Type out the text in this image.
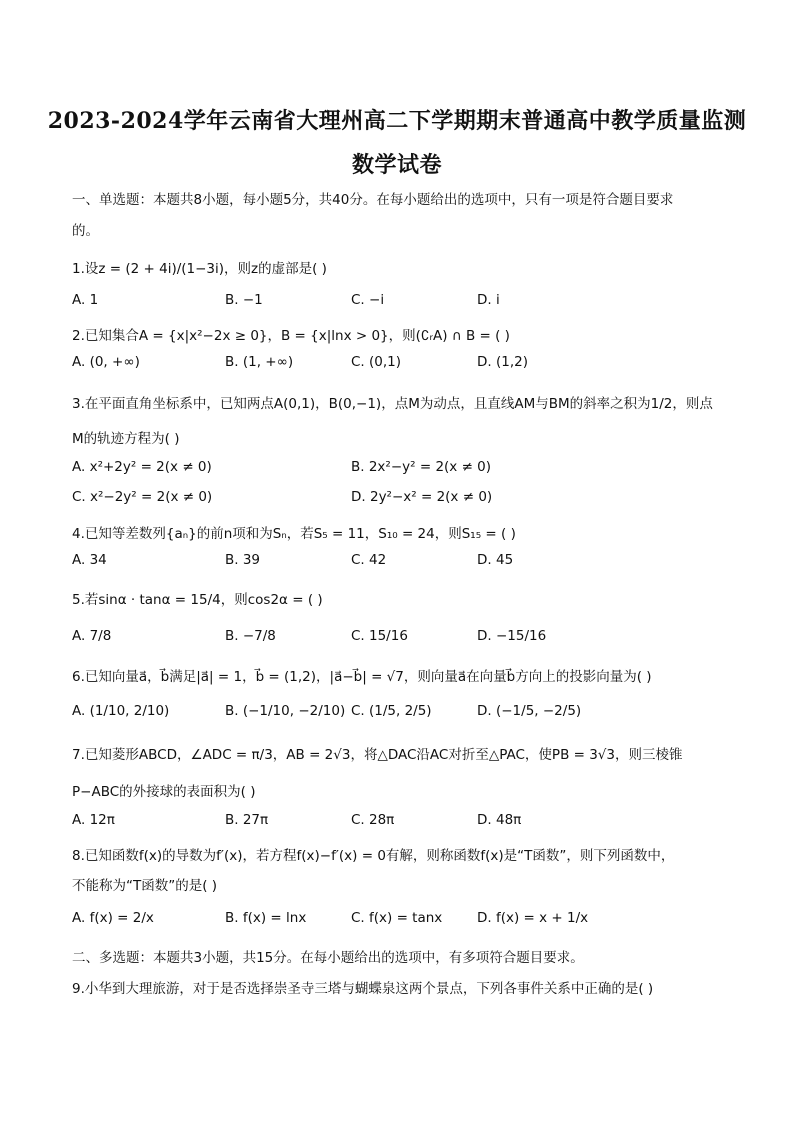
2023-2024学年云南省大理州高二下学期期末普通高中教学质量监测
数学试卷
一、单选题：本题共8小题，每小题5分，共40分。在每小题给出的选项中，只有一项是符合题目要求
的。
1.设z = (2 + 4i)/(1−3i)，则z的虚部是( )
A. 1	B. −1	C. −i	D. i
2.已知集合A = {x|x²−2x ≥ 0}，B = {x|lnx > 0}，则(∁ᵣA) ∩ B = ( )
A. (0, +∞)	B. (1, +∞)	C. (0,1)	D. (1,2)
3.在平面直角坐标系中，已知两点A(0,1)，B(0,−1)，点M为动点，且直线AM与BM的斜率之积为1/2，则点
M的轨迹方程为( )
A. x²+2y² = 2(x ≠ 0)	B. 2x²−y² = 2(x ≠ 0)
C. x²−2y² = 2(x ≠ 0)	D. 2y²−x² = 2(x ≠ 0)
4.已知等差数列{aₙ}的前n项和为Sₙ，若S₅ = 11，S₁₀ = 24，则S₁₅ = ( )
A. 34	B. 39	C. 42	D. 45
5.若sinα · tanα = 15/4，则cos2α = ( )
A. 7/8	B. −7/8	C. 15/16	D. −15/16
6.已知向量a⃗，b⃗满足|a⃗| = 1，b⃗ = (1,2)，|a⃗−b⃗| = √7，则向量a⃗在向量b⃗方向上的投影向量为( )
A. (1/10, 2/10)	B. (−1/10, −2/10) C. (1/5, 2/5)	D. (−1/5, −2/5)
7.已知菱形ABCD，∠ADC = π/3，AB = 2√3，将△DAC沿AC对折至△PAC，使PB = 3√3，则三棱锥
P−ABC的外接球的表面积为( )
A. 12π	B. 27π	C. 28π	D. 48π
8.已知函数f(x)的导数为f′(x)，若方程f(x)−f′(x) = 0有解，则称函数f(x)是“T函数”，则下列函数中，
不能称为“T函数”的是( )
A. f(x) = 2/x	B. f(x) = lnx	C. f(x) = tanx	D. f(x) = x + 1/x
二、多选题：本题共3小题，共15分。在每小题给出的选项中，有多项符合题目要求。
9.小华到大理旅游，对于是否选择崇圣寺三塔与蝴蝶泉这两个景点，下列各事件关系中正确的是( )
